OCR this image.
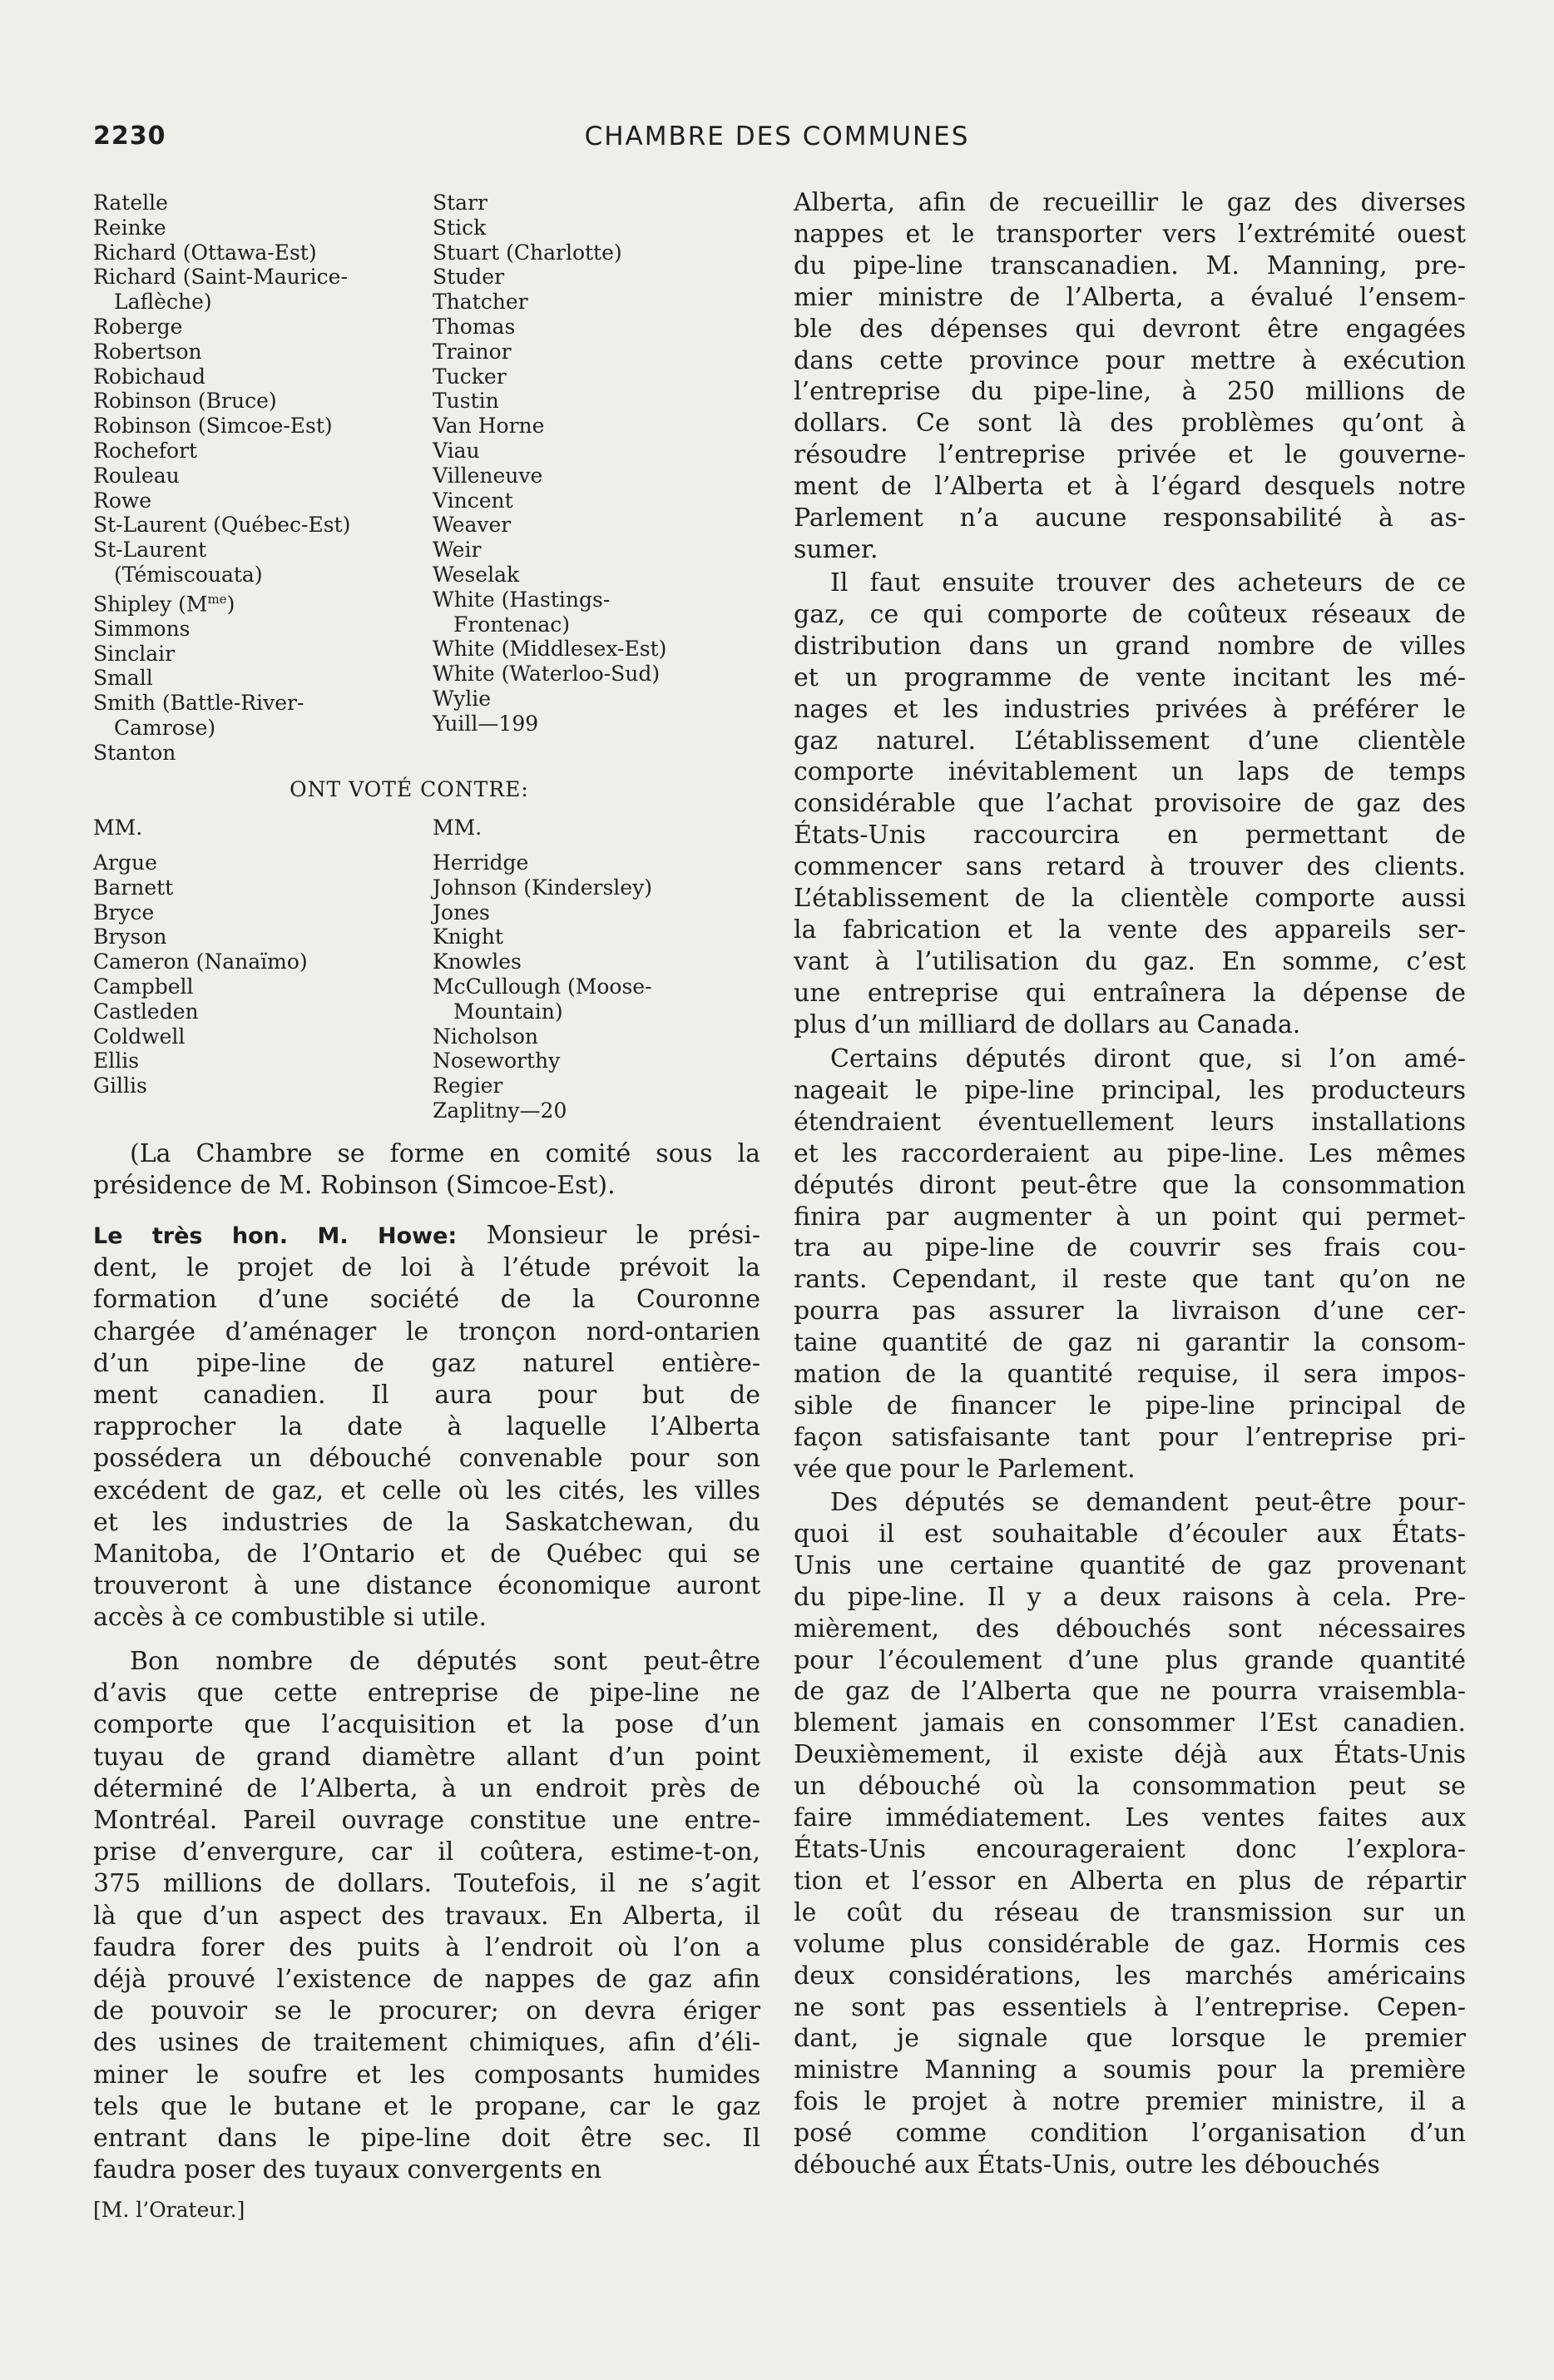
2230	CHAMBRE DES COMMUNES
Ratelle
Reinke
Richard (Ottawa-Est)
Richard (Saint-Maurice-
Laflèche)
Roberge
Robertson
Robichaud
Robinson (Bruce)
Robinson (Simcoe-Est)
Rochefort
Rouleau
Rowe
St-Laurent (Québec-Est)
St-Laurent
(Témiscouata)
Shipley $(M^{me})$
Simmons
Sinclair
Small
Smith (Battle-River-
Camrose)
Stanton
Starr
Stick
Stuart (Charlotte)
Studer
Thatcher
Thomas
Trainor
Tucker
Tustin
Van Horne
Viau
Villeneuve
Vincent
Weaver
Weir
Weselak
White (Hastings-
Frontenac)
White (Middlesex-Est)
White (Waterloo-Sud)
Wylie
Yuill—199
ONT VOTÉ CONTRE:
MM.	MM.
Argue
Barnett
Bryce
Bryson
Cameron (Nanaïmo)
Campbell
Castleden
Coldwell
Ellis
Gillis
Herridge
Johnson (Kindersley)
Jones
Knight
Knowles
McCullough (Moose-
Mountain)
Nicholson
Noseworthy
Regier
Zaplitny—20
(La Chambre se forme en comité sous la
présidence de M. Robinson (Simcoe-Est).
Le très hon. M. Howe: Monsieur le prési-
dent, le projet de loi à l’étude prévoit la
formation d’une société de la Couronne
chargée d’aménager le tronçon nord-ontarien
d’un pipe-line de gaz naturel entière-
ment canadien. Il aura pour but de
rapprocher la date à laquelle l’Alberta
possédera un débouché convenable pour son
excédent de gaz, et celle où les cités, les villes
et les industries de la Saskatchewan, du
Manitoba, de l’Ontario et de Québec qui se
trouveront à une distance économique auront
accès à ce combustible si utile.
Bon nombre de députés sont peut-être
d’avis que cette entreprise de pipe-line ne
comporte que l’acquisition et la pose d’un
tuyau de grand diamètre allant d’un point
déterminé de l’Alberta, à un endroit près de
Montréal. Pareil ouvrage constitue une entre-
prise d’envergure, car il coûtera, estime-t-on,
375 millions de dollars. Toutefois, il ne s’agit
là que d’un aspect des travaux. En Alberta, il
faudra forer des puits à l’endroit où l’on a
déjà prouvé l’existence de nappes de gaz afin
de pouvoir se le procurer; on devra ériger
des usines de traitement chimiques, afin d’éli-
miner le soufre et les composants humides
tels que le butane et le propane, car le gaz
entrant dans le pipe-line doit être sec. Il
faudra poser des tuyaux convergents en
[M. l’Orateur.]
Alberta, afin de recueillir le gaz des diverses
nappes et le transporter vers l’extrémité ouest
du pipe-line transcanadien. M. Manning, pre-
mier ministre de l’Alberta, a évalué l’ensem-
ble des dépenses qui devront être engagées
dans cette province pour mettre à exécution
l’entreprise du pipe-line, à 250 millions de
dollars. Ce sont là des problèmes qu’ont à
résoudre l’entreprise privée et le gouverne-
ment de l’Alberta et à l’égard desquels notre
Parlement n’a aucune responsabilité à as-
sumer.
Il faut ensuite trouver des acheteurs de ce
gaz, ce qui comporte de coûteux réseaux de
distribution dans un grand nombre de villes
et un programme de vente incitant les mé-
nages et les industries privées à préférer le
gaz naturel. L’établissement d’une clientèle
comporte inévitablement un laps de temps
considérable que l’achat provisoire de gaz des
États-Unis raccourcira en permettant de
commencer sans retard à trouver des clients.
L’établissement de la clientèle comporte aussi
la fabrication et la vente des appareils ser-
vant à l’utilisation du gaz. En somme, c’est
une entreprise qui entraînera la dépense de
plus d’un milliard de dollars au Canada.
Certains députés diront que, si l’on amé-
nageait le pipe-line principal, les producteurs
étendraient éventuellement leurs installations
et les raccorderaient au pipe-line. Les mêmes
députés diront peut-être que la consommation
finira par augmenter à un point qui permet-
tra au pipe-line de couvrir ses frais cou-
rants. Cependant, il reste que tant qu’on ne
pourra pas assurer la livraison d’une cer-
taine quantité de gaz ni garantir la consom-
mation de la quantité requise, il sera impos-
sible de financer le pipe-line principal de
façon satisfaisante tant pour l’entreprise pri-
vée que pour le Parlement.
Des députés se demandent peut-être pour-
quoi il est souhaitable d’écouler aux États-
Unis une certaine quantité de gaz provenant
du pipe-line. Il y a deux raisons à cela. Pre-
mièrement, des débouchés sont nécessaires
pour l’écoulement d’une plus grande quantité
de gaz de l’Alberta que ne pourra vraisembla-
blement jamais en consommer l’Est canadien.
Deuxièmement, il existe déjà aux États-Unis
un débouché où la consommation peut se
faire immédiatement. Les ventes faites aux
États-Unis encourageraient donc l’explora-
tion et l’essor en Alberta en plus de répartir
le coût du réseau de transmission sur un
volume plus considérable de gaz. Hormis ces
deux considérations, les marchés américains
ne sont pas essentiels à l’entreprise. Cepen-
dant, je signale que lorsque le premier
ministre Manning a soumis pour la première
fois le projet à notre premier ministre, il a
posé comme condition l’organisation d’un
débouché aux États-Unis, outre les débouchés
